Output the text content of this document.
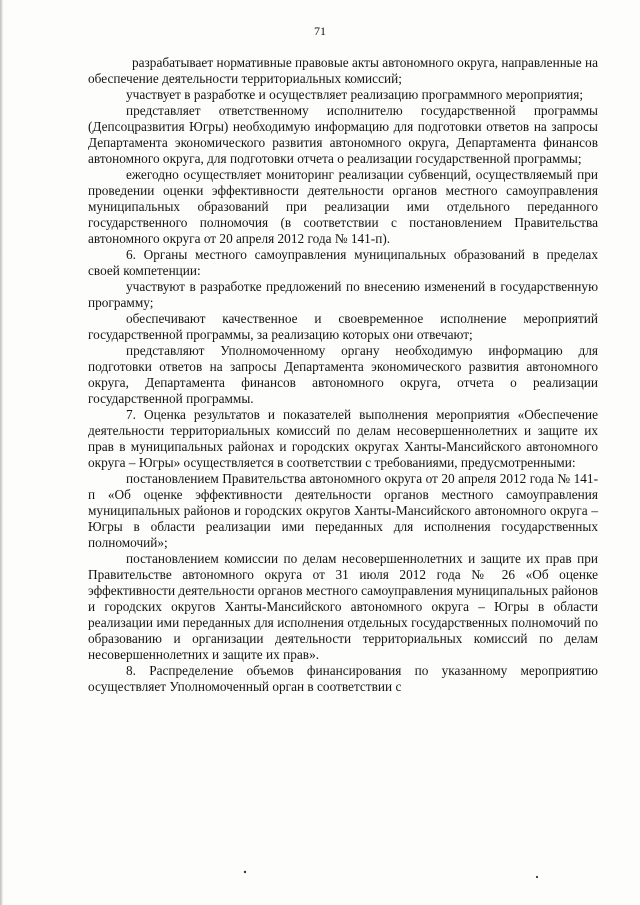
71

разрабатывает нормативные правовые акты автономного округа, направленные на обеспечение деятельности территориальных комиссий;

участвует в разработке и осуществляет реализацию программного мероприятия;

представляет ответственному исполнителю государственной программы (Депсоцразвития Югры) необходимую информацию для подготовки ответов на запросы Департамента экономического развития автономного округа, Департамента финансов автономного округа, для подготовки отчета о реализации государственной программы;

ежегодно осуществляет мониторинг реализации субвенций, осуществляемый при проведении оценки эффективности деятельности органов местного самоуправления муниципальных образований при реализации ими отдельного переданного государственного полномочия (в соответствии с постановлением Правительства автономного округа от 20 апреля 2012 года № 141-п).

6. Органы местного самоуправления муниципальных образований в пределах своей компетенции:

участвуют в разработке предложений по внесению изменений в государственную программу;

обеспечивают качественное и своевременное исполнение мероприятий государственной программы, за реализацию которых они отвечают;

представляют Уполномоченному органу необходимую информацию для подготовки ответов на запросы Департамента экономического развития автономного округа, Департамента финансов автономного округа, отчета о реализации государственной программы.

7. Оценка результатов и показателей выполнения мероприятия «Обеспечение деятельности территориальных комиссий по делам несовершеннолетних и защите их прав в муниципальных районах и городских округах Ханты-Мансийского автономного округа – Югры» осуществляется в соответствии с требованиями, предусмотренными:

постановлением Правительства автономного округа от 20 апреля 2012 года № 141-п «Об оценке эффективности деятельности органов местного самоуправления муниципальных районов и городских округов Ханты-Мансийского автономного округа – Югры в области реализации ими переданных для исполнения государственных полномочий»;

постановлением комиссии по делам несовершеннолетних и защите их прав при Правительстве автономного округа от 31 июля 2012 года № 26 «Об оценке эффективности деятельности органов местного самоуправления муниципальных районов и городских округов Ханты-Мансийского автономного округа – Югры в области реализации ими переданных для исполнения отдельных государственных полномочий по образованию и организации деятельности территориальных комиссий по делам несовершеннолетних и защите их прав».

8. Распределение объемов финансирования по указанному мероприятию осуществляет Уполномоченный орган в соответствии с
